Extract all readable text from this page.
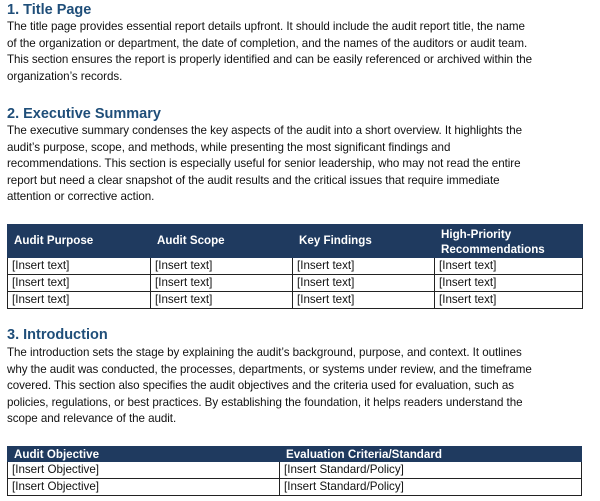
1. Title Page
The title page provides essential report details upfront. It should include the audit report title, the name
of the organization or department, the date of completion, and the names of the auditors or audit team.
This section ensures the report is properly identified and can be easily referenced or archived within the
organization’s records.
2. Executive Summary
The executive summary condenses the key aspects of the audit into a short overview. It highlights the
audit’s purpose, scope, and methods, while presenting the most significant findings and
recommendations. This section is especially useful for senior leadership, who may not read the entire
report but need a clear snapshot of the audit results and the critical issues that require immediate
attention or corrective action.
Audit Purpose	Audit Scope	Key Findings	High-Priority
Recommendations
[Insert text]	[Insert text]	[Insert text]	[Insert text]
[Insert text]	[Insert text]	[Insert text]	[Insert text]
[Insert text]	[Insert text]	[Insert text]	[Insert text]
3. Introduction
The introduction sets the stage by explaining the audit’s background, purpose, and context. It outlines
why the audit was conducted, the processes, departments, or systems under review, and the timeframe
covered. This section also specifies the audit objectives and the criteria used for evaluation, such as
policies, regulations, or best practices. By establishing the foundation, it helps readers understand the
scope and relevance of the audit.
Audit Objective	Evaluation Criteria/Standard
[Insert Objective]	[Insert Standard/Policy]
[Insert Objective]	[Insert Standard/Policy]
